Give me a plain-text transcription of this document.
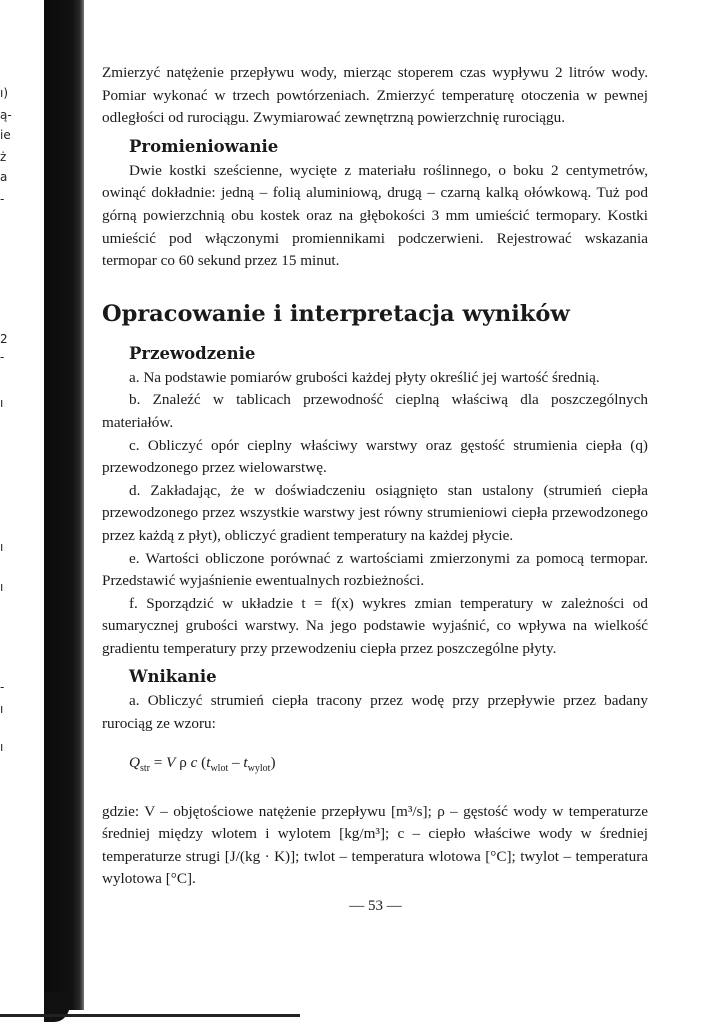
ı)
ą-
ie
ż
a
-
2
-
ı
ı
ı
ı
-
ı

Zmierzyć natężenie przepływu wody, mierząc stoperem czas wypływu 2 litrów wody. Pomiar wykonać w trzech powtórzeniach. Zmierzyć temperaturę otoczenia w pewnej odległości od rurociągu. Zwymiarować zewnętrzną powierzchnię rurociągu.

Promieniowanie

Dwie kostki sześcienne, wycięte z materiału roślinnego, o boku 2 centymetrów, owinąć dokładnie: jedną – folią aluminiową, drugą – czarną kalką ołówkową. Tuż pod górną powierzchnią obu kostek oraz na głębokości 3 mm umieścić termopary. Kostki umieścić pod włączonymi promiennikami podczerwieni. Rejestrować wskazania termopar co 60 sekund przez 15 minut.

Opracowanie i interpretacja wyników
Przewodzenie

a. Na podstawie pomiarów grubości każdej płyty określić jej wartość średnią.

b. Znaleźć w tablicach przewodność cieplną właściwą dla poszczególnych materiałów.

c. Obliczyć opór cieplny właściwy warstwy oraz gęstość strumienia ciepła (q) przewodzonego przez wielowarstwę.

d. Zakładając, że w doświadczeniu osiągnięto stan ustalony (strumień ciepła przewodzonego przez wszystkie warstwy jest równy strumieniowi ciepła przewodzonego przez każdą z płyt), obliczyć gradient temperatury na każdej płycie.

e. Wartości obliczone porównać z wartościami zmierzonymi za pomocą termopar. Przedstawić wyjaśnienie ewentualnych rozbieżności.

f. Sporządzić w układzie t = f(x) wykres zmian temperatury w zależności od sumarycznej grubości warstwy. Na jego podstawie wyjaśnić, co wpływa na wielkość gradientu temperatury przy przewodzeniu ciepła przez poszczególne płyty.

Wnikanie

a. Obliczyć strumień ciepła tracony przez wodę przy przepływie przez badany rurociąg ze wzoru:

$Q_{str} = V$ ρ c $(t_{wlot} - t_{wylot})$

gdzie: V – objętościowe natężenie przepływu [m³/s]; ρ – gęstość wody w temperaturze średniej między wlotem i wylotem [kg/m³]; c – ciepło właściwe wody w średniej temperaturze strugi [J/(kg · K)]; twlot – temperatura wlotowa [°C]; twylot – temperatura wylotowa [°C].

— 53 —
